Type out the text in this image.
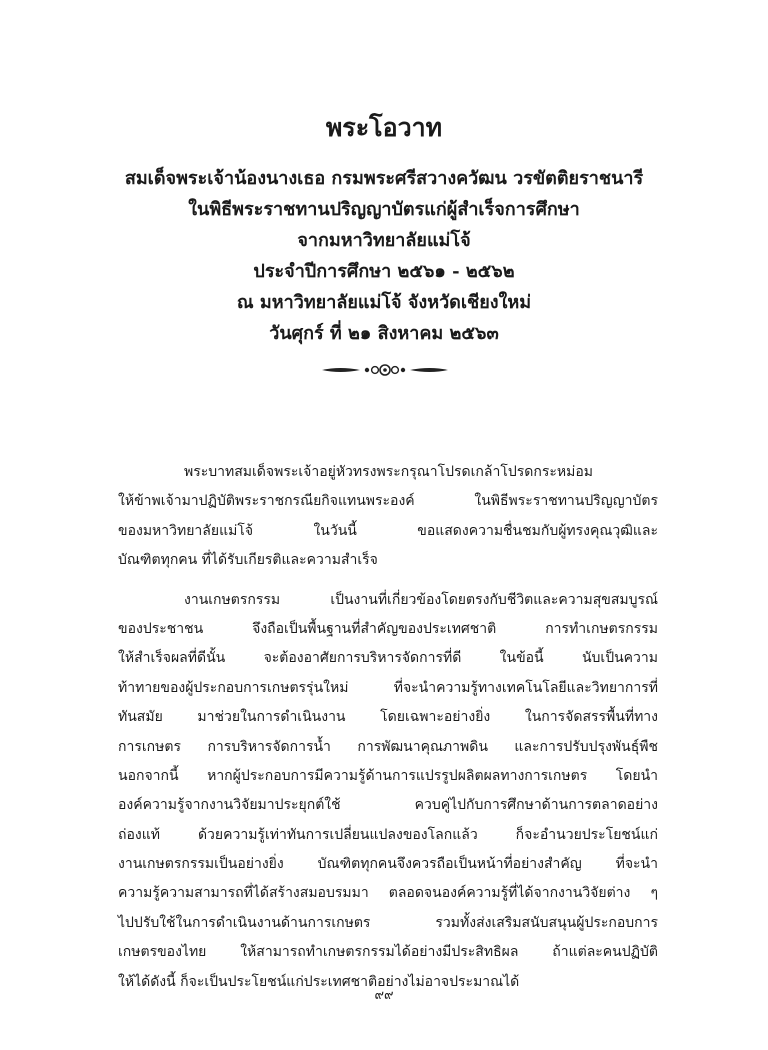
พระโอวาท
สมเด็จพระเจ้าน้องนางเธอ กรมพระศรีสวางควัฒน วรขัตติยราชนารี
ในพิธีพระราชทานปริญญาบัตรแก่ผู้สำเร็จการศึกษา
จากมหาวิทยาลัยแม่โจ้
ประจำปีการศึกษา ๒๕๖๑ - ๒๕๖๒
ณ มหาวิทยาลัยแม่โจ้ จังหวัดเชียงใหม่
วันศุกร์ ที่ ๒๑ สิงหาคม ๒๕๖๓
พระบาทสมเด็จพระเจ้าอยู่หัวทรงพระกรุณาโปรดเกล้าโปรดกระหม่อม
ให้ข้าพเจ้ามาปฏิบัติพระราชกรณียกิจแทนพระองค์ ในพิธีพระราชทานปริญญาบัตร
ของมหาวิทยาลัยแม่โจ้ ในวันนี้ ขอแสดงความชื่นชมกับผู้ทรงคุณวุฒิและ
บัณฑิตทุกคน ที่ได้รับเกียรติและความสำเร็จ
งานเกษตรกรรม เป็นงานที่เกี่ยวข้องโดยตรงกับชีวิตและความสุขสมบูรณ์
ของประชาชน จึงถือเป็นพื้นฐานที่สำคัญของประเทศชาติ การทำเกษตรกรรม
ให้สำเร็จผลที่ดีนั้น จะต้องอาศัยการบริหารจัดการที่ดี ในข้อนี้ นับเป็นความ
ท้าทายของผู้ประกอบการเกษตรรุ่นใหม่ ที่จะนำความรู้ทางเทคโนโลยีและวิทยาการที่
ทันสมัย มาช่วยในการดำเนินงาน โดยเฉพาะอย่างยิ่ง ในการจัดสรรพื้นที่ทาง
การเกษตร การบริหารจัดการน้ำ การพัฒนาคุณภาพดิน และการปรับปรุงพันธุ์พืช
นอกจากนี้ หากผู้ประกอบการมีความรู้ด้านการแปรรูปผลิตผลทางการเกษตร โดยนำ
องค์ความรู้จากงานวิจัยมาประยุกต์ใช้ ควบคู่ไปกับการศึกษาด้านการตลาดอย่าง
ถ่องแท้ ด้วยความรู้เท่าทันการเปลี่ยนแปลงของโลกแล้ว ก็จะอำนวยประโยชน์แก่
งานเกษตรกรรมเป็นอย่างยิ่ง บัณฑิตทุกคนจึงควรถือเป็นหน้าที่อย่างสำคัญ ที่จะนำ
ความรู้ความสามารถที่ได้สร้างสมอบรมมา ตลอดจนองค์ความรู้ที่ได้จากงานวิจัยต่าง ๆ
ไปปรับใช้ในการดำเนินงานด้านการเกษตร รวมทั้งส่งเสริมสนับสนุนผู้ประกอบการ
เกษตรของไทย ให้สามารถทำเกษตรกรรมได้อย่างมีประสิทธิผล ถ้าแต่ละคนปฏิบัติ
ให้ได้ดังนี้ ก็จะเป็นประโยชน์แก่ประเทศชาติอย่างไม่อาจประมาณได้
๙๙
